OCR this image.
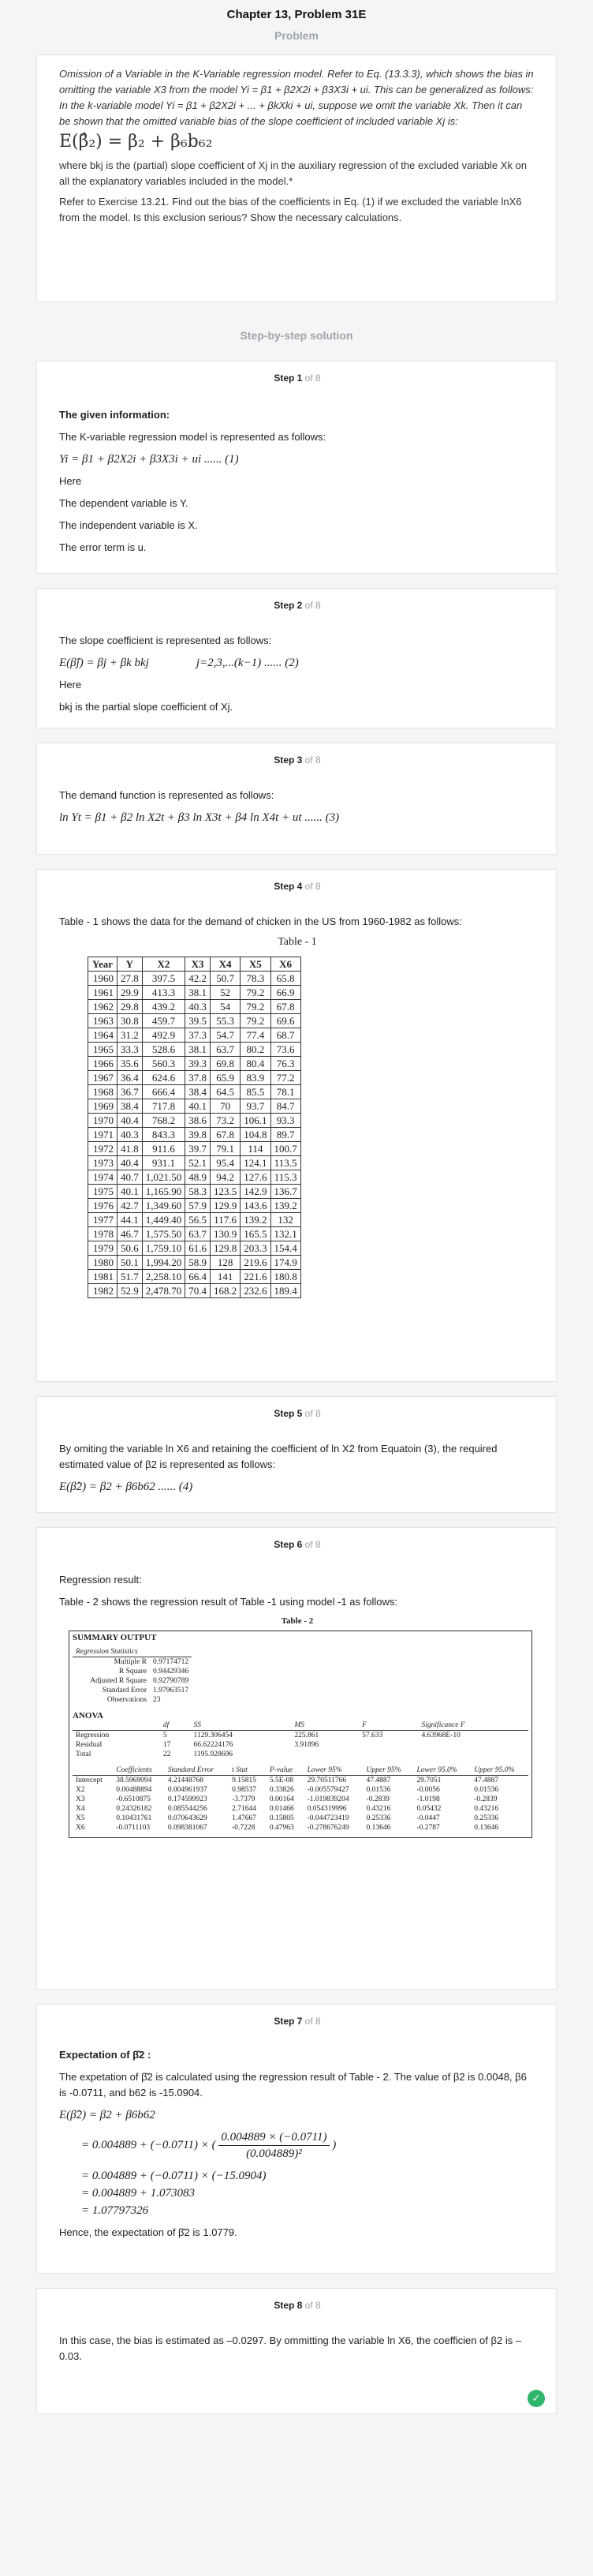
Chapter 13, Problem 31E
Problem

Omission of a Variable in the K-Variable regression model. Refer to Eq. (13.3.3), which shows the bias in omitting the variable X3 from the model Yi = β1 + β2X2i + β3X3i + ui. This can be generalized as follows: In the k-variable model Yi = β1 + β2X2i + ... + βkXki + ui, suppose we omit the variable Xk. Then it can be shown that the omitted variable bias of the slope coefficient of included variable Xj is:

E(β̂₂) = β₂ + β₆b₆₂

where bkj is the (partial) slope coefficient of Xj in the auxiliary regression of the excluded variable Xk on all the explanatory variables included in the model.*

Refer to Exercise 13.21. Find out the bias of the coefficients in Eq. (1) if we excluded the variable lnX6 from the model. Is this exclusion serious? Show the necessary calculations.

Step-by-step solution
Step 1 of 8

The given information:

The K-variable regression model is represented as follows:

Yi = β1 + β2X2i + β3X3i + ui ...... (1)

Here

The dependent variable is Y.

The independent variable is X.

The error term is u.

Step 2 of 8

The slope coefficient is represented as follows:

E(β̂j) = βj + βk bkj	j=2,3,...(k−1) ...... (2)

Here

bkj is the partial slope coefficient of Xj.

Step 3 of 8

The demand function is represented as follows:

ln Yt = β1 + β2 ln X2t + β3 ln X3t + β4 ln X4t + ut ...... (3)

Step 4 of 8

Table - 1 shows the data for the demand of chicken in the US from 1960-1982 as follows:

Table - 1
Year	Y	X2	X3	X4	X5	X6
1960	27.8	397.5	42.2	50.7	78.3	65.8
1961	29.9	413.3	38.1	52	79.2	66.9
1962	29.8	439.2	40.3	54	79.2	67.8
1963	30.8	459.7	39.5	55.3	79.2	69.6
1964	31.2	492.9	37.3	54.7	77.4	68.7
1965	33.3	528.6	38.1	63.7	80.2	73.6
1966	35.6	560.3	39.3	69.8	80.4	76.3
1967	36.4	624.6	37.8	65.9	83.9	77.2
1968	36.7	666.4	38.4	64.5	85.5	78.1
1969	38.4	717.8	40.1	70	93.7	84.7
1970	40.4	768.2	38.6	73.2	106.1	93.3
1971	40.3	843.3	39.8	67.8	104.8	89.7
1972	41.8	911.6	39.7	79.1	114	100.7
1973	40.4	931.1	52.1	95.4	124.1	113.5
1974	40.7	1,021.50	48.9	94.2	127.6	115.3
1975	40.1	1,165.90	58.3	123.5	142.9	136.7
1976	42.7	1,349.60	57.9	129.9	143.6	139.2
1977	44.1	1,449.40	56.5	117.6	139.2	132
1978	46.7	1,575.50	63.7	130.9	165.5	132.1
1979	50.6	1,759.10	61.6	129.8	203.3	154.4
1980	50.1	1,994.20	58.9	128	219.6	174.9
1981	51.7	2,258.10	66.4	141	221.6	180.8
1982	52.9	2,478.70	70.4	168.2	232.6	189.4
Step 5 of 8

By omiting the variable ln X6 and retaining the coefficient of ln X2 from Equatoin (3), the required estimated value of β2 is represented as follows:

E(β̂2) = β2 + β6b62 ...... (4)

Step 6 of 8

Regression result:

Table - 2 shows the regression result of Table -1 using model -1 as follows:

Table - 2
SUMMARY OUTPUT
Regression Statistics	
Multiple R	0.97174712
R Square	0.94429346
Adjusted R Square	0.92790789
Standard Error	1.97963517
Observations	23
ANOVA
	df	SS	MS	F	Significance F
Regression	5	1129.306454	225.861	57.633	4.63968E-10
Residual	17	66.62224176	3.91896		
Total	22	1195.928696			
	Coefficients	Standard Error	t Stat	P-value	Lower 95%	Upper 95%	Lower 95.0%	Upper 95.0%
Intercept	38.5969094	4.21448768	9.15815	5.5E-08	29.70511766	47.4887	29.7051	47.4887
X2	0.00488894	0.004961937	0.98537	0.33826	-0.005579427	0.01536	-0.0056	0.01536
X3	-0.6510875	0.174599923	-3.7379	0.00164	-1.019839204	-0.2839	-1.0198	-0.2839
X4	0.24326182	0.085544256	2.71644	0.01466	0.054319996	0.43216	0.05432	0.43216
X5	0.10431761	0.070643629	1.47667	0.15805	-0.044723419	0.25336	-0.0447	0.25336
X6	-0.0711103	0.098381067	-0.7228	0.47963	-0.278676249	0.13646	-0.2787	0.13646
Step 7 of 8

Expectation of β̂2 :

The expetation of β̂2 is calculated using the regression result of Table - 2. The value of β2 is 0.0048, β6 is -0.0711, and b62 is -15.0904.

E(β̂2) = β2 + β6b62

= 0.004889 + (−0.0711) × ( $\frac{0.004889 \times (-0.0711)}{\text{(0.004889)²}}$ )

= 0.004889 + (−0.0711) × (−15.0904)

= 0.004889 + 1.073083

= 1.07797326

Hence, the expectation of β̂2 is 1.0779.

Step 8 of 8

In this case, the bias is estimated as –0.0297. By ommitting the variable ln X6, the coefficien of β2 is –0.03.

✓
